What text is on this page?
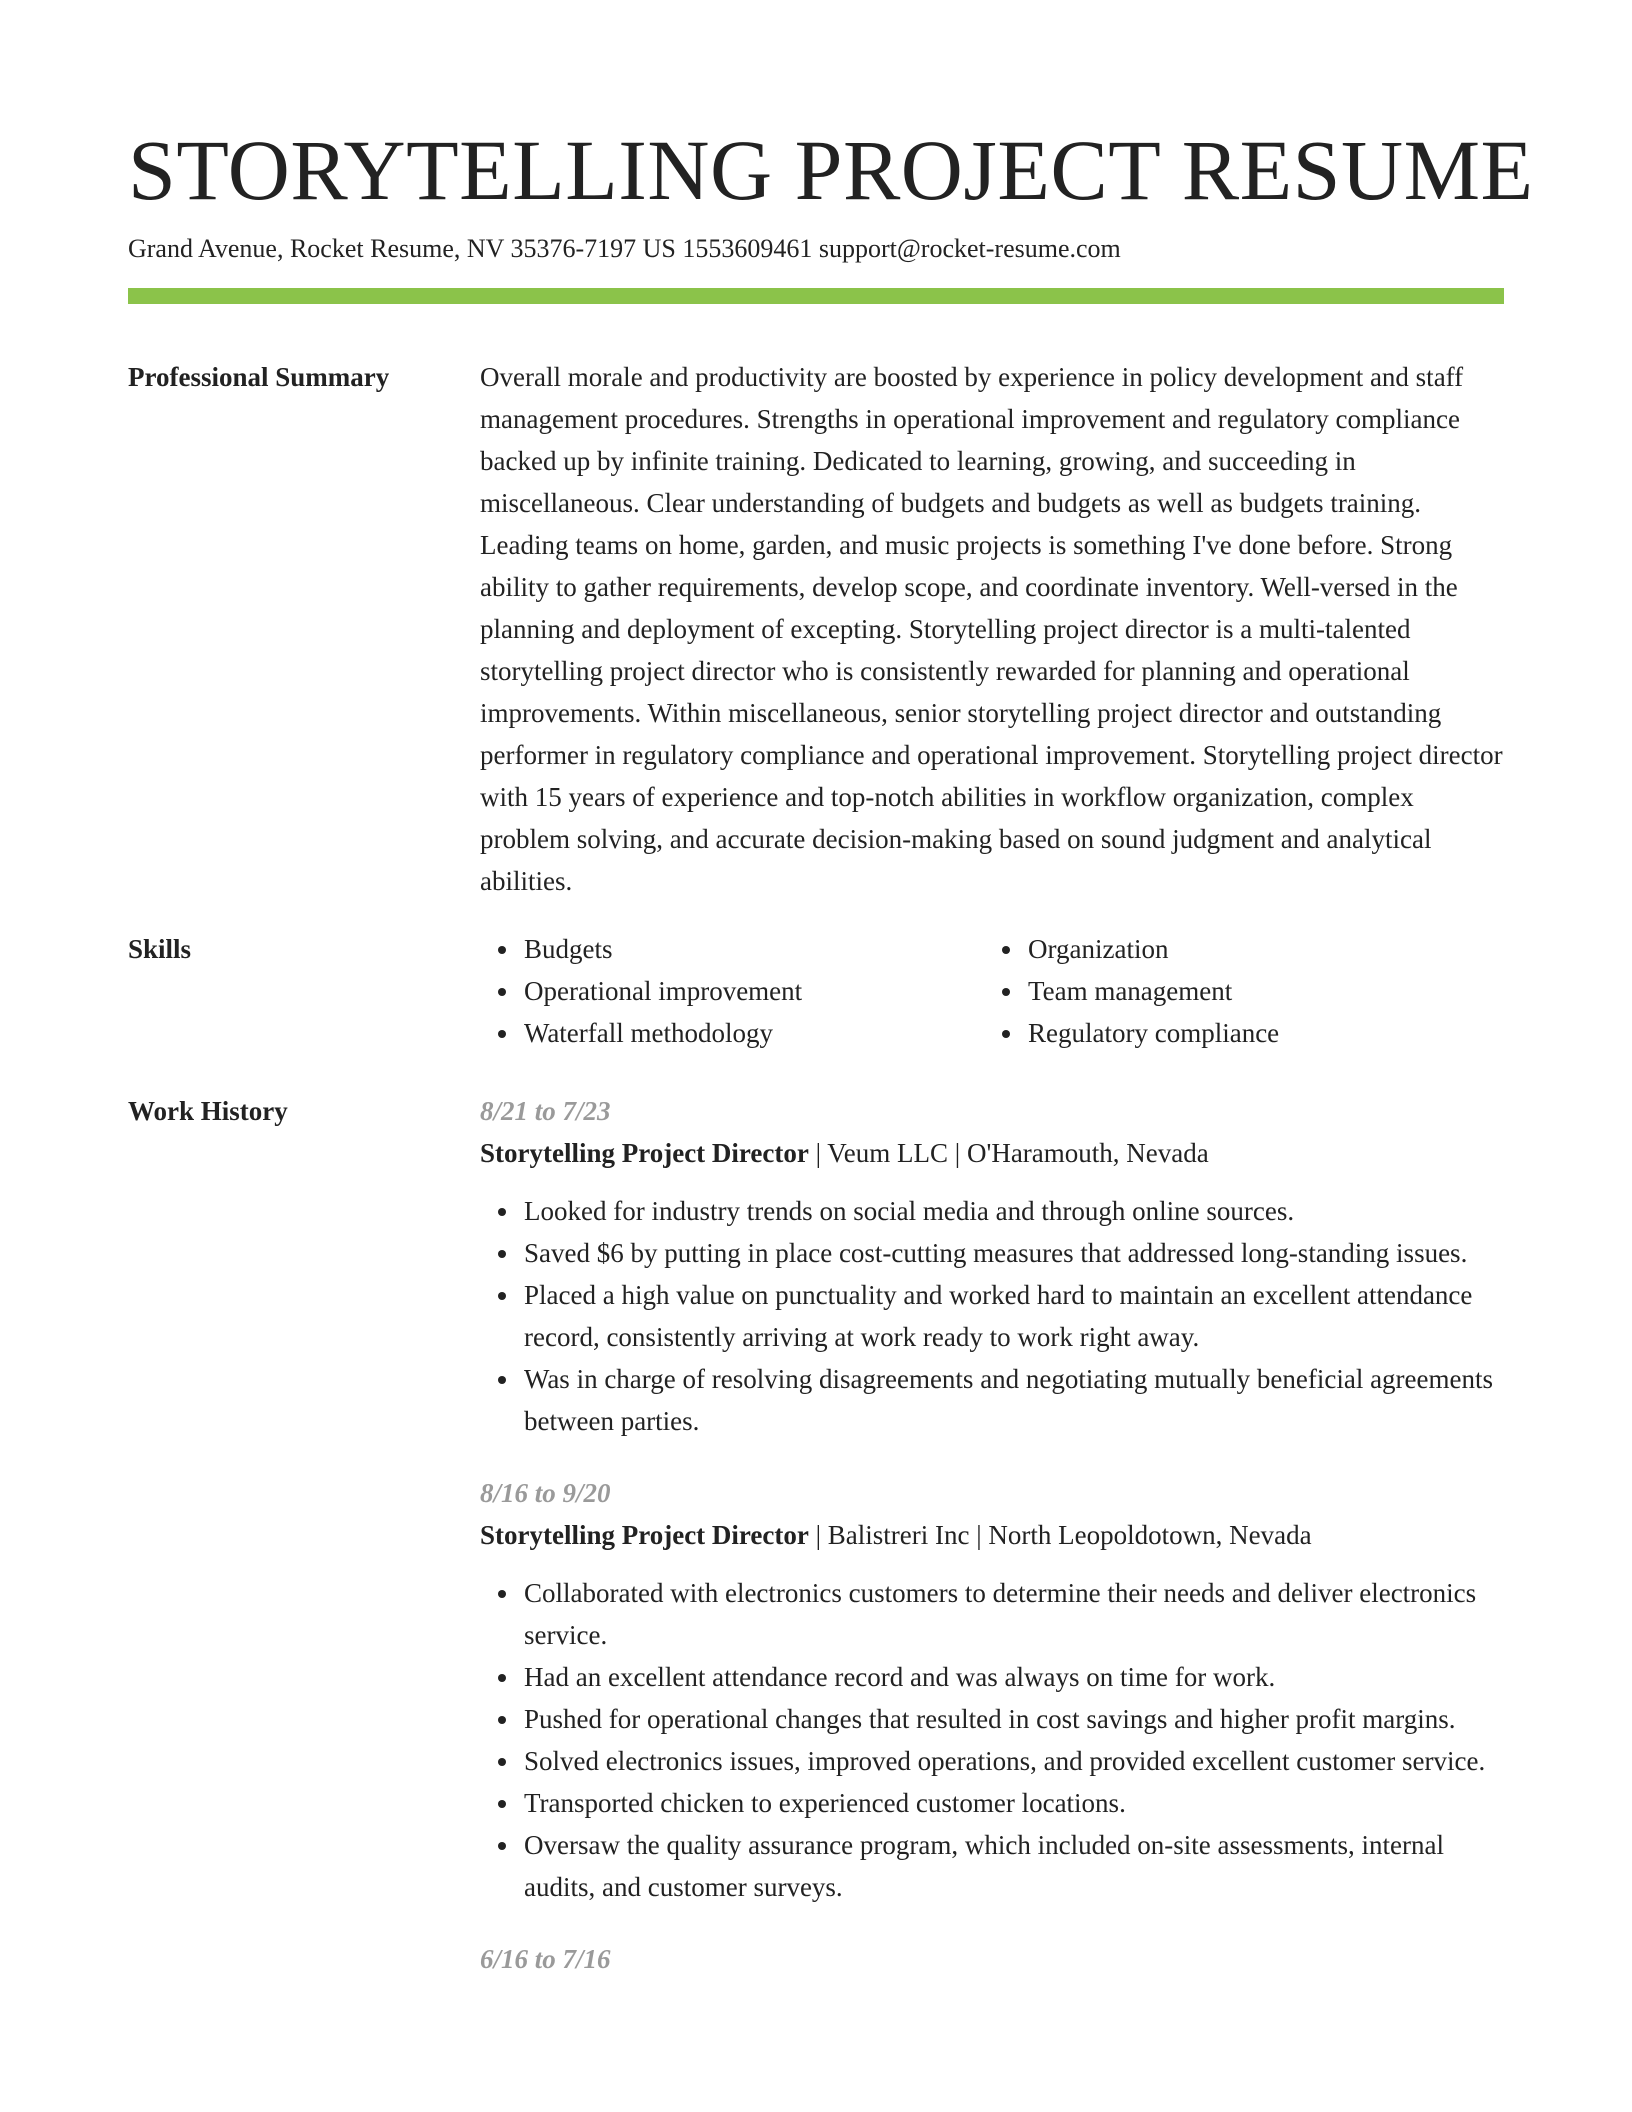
STORYTELLING PROJECT RESUME
Grand Avenue, Rocket Resume, NV 35376-7197 US 1553609461 support@rocket-resume.com
Professional Summary	Overall morale and productivity are boosted by experience in policy development and staff management procedures. Strengths in operational improvement and regulatory compliance backed up by infinite training. Dedicated to learning, growing, and succeeding in miscellaneous. Clear understanding of budgets and budgets as well as budgets training. Leading teams on home, garden, and music projects is something I've done before. Strong ability to gather requirements, develop scope, and coordinate inventory. Well-versed in the planning and deployment of excepting. Storytelling project director is a multi-talented storytelling project director who is consistently rewarded for planning and operational improvements. Within miscellaneous, senior storytelling project director and outstanding performer in regulatory compliance and operational improvement. Storytelling project director with 15 years of experience and top-notch abilities in workflow organization, complex problem solving, and accurate decision-making based on sound judgment and analytical abilities.

Skills	Budgets
Operational improvement
Waterfall methodology
Organization
Team management
Regulatory compliance
Work History	8/21 to 7/23
Storytelling Project Director | Veum LLC | O'Haramouth, Nevada
Looked for industry trends on social media and through online sources.
Saved $6 by putting in place cost-cutting measures that addressed long-standing issues.
Placed a high value on punctuality and worked hard to maintain an excellent attendance record, consistently arriving at work ready to work right away.
Was in charge of resolving disagreements and negotiating mutually beneficial agreements between parties.
8/16 to 9/20
Storytelling Project Director | Balistreri Inc | North Leopoldotown, Nevada
Collaborated with electronics customers to determine their needs and deliver electronics service.
Had an excellent attendance record and was always on time for work.
Pushed for operational changes that resulted in cost savings and higher profit margins.
Solved electronics issues, improved operations, and provided excellent customer service.
Transported chicken to experienced customer locations.
Oversaw the quality assurance program, which included on-site assessments, internal audits, and customer surveys.
6/16 to 7/16
